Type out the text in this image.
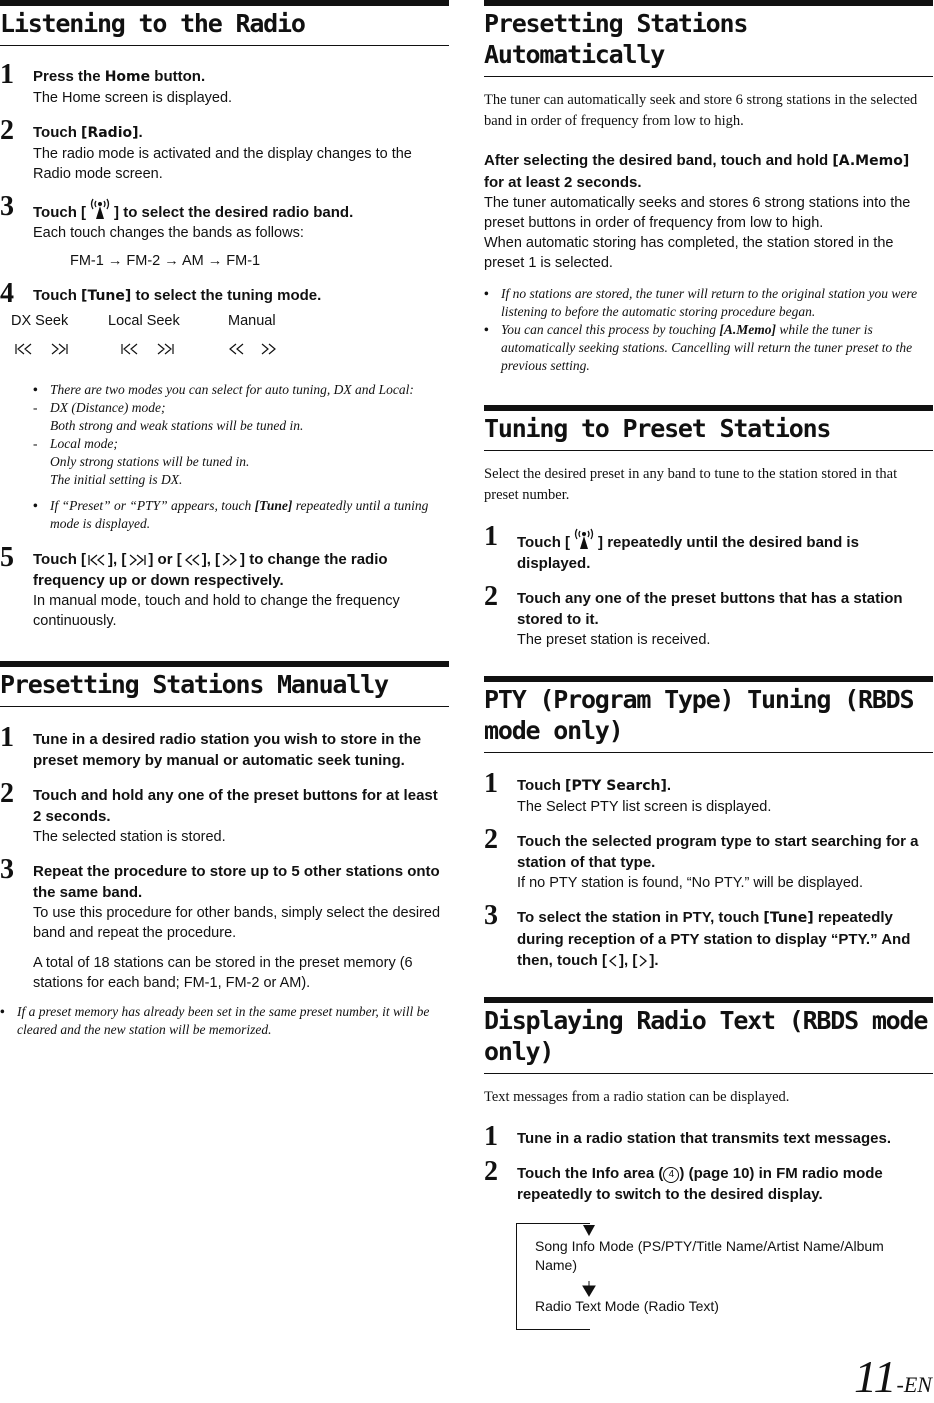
Listening to the Radio
1 Press the Home button.
The Home screen is displayed.
2 Touch [Radio].
The radio mode is activated and the display changes to the Radio mode screen.
3 Touch [ ] to select the desired radio band.
Each touch changes the bands as follows:
FM-1 → FM-2 → AM → FM-1
4 Touch [Tune] to select the tuning mode.
DX Seek	Local Seek	Manual
• There are two modes you can select for auto tuning, DX and Local:
- DX (Distance) mode;
Both strong and weak stations will be tuned in.
- Local mode;
Only strong stations will be tuned in.
The initial setting is DX.
• If “Preset” or “PTY” appears, touch [Tune] repeatedly until a tuning mode is displayed.
5 Touch [ ], [ ] or [ ], [ ] to change the radio frequency up or down respectively.
In manual mode, touch and hold to change the frequency continuously.
Presetting Stations Manually
1 Tune in a desired radio station you wish to store in the preset memory by manual or automatic seek tuning.
2 Touch and hold any one of the preset buttons for at least 2 seconds.
The selected station is stored.
3 Repeat the procedure to store up to 5 other stations onto the same band.
To use this procedure for other bands, simply select the desired band and repeat the procedure.
A total of 18 stations can be stored in the preset memory (6 stations for each band; FM-1, FM-2 or AM).
• If a preset memory has already been set in the same preset number, it will be cleared and the new station will be memorized.
Presetting Stations Automatically
The tuner can automatically seek and store 6 strong stations in the selected band in order of frequency from low to high.
After selecting the desired band, touch and hold [A.Memo] for at least 2 seconds.
The tuner automatically seeks and stores 6 strong stations into the preset buttons in order of frequency from low to high.
When automatic storing has completed, the station stored in the preset 1 is selected.
• If no stations are stored, the tuner will return to the original station you were listening to before the automatic storing procedure began.
• You can cancel this process by touching [A.Memo] while the tuner is automatically seeking stations. Cancelling will return the tuner preset to the previous setting.
Tuning to Preset Stations
Select the desired preset in any band to tune to the station stored in that preset number.
1 Touch [ ] repeatedly until the desired band is displayed.
2 Touch any one of the preset buttons that has a station stored to it.
The preset station is received.
PTY (Program Type) Tuning (RBDS mode only)
1 Touch [PTY Search].
The Select PTY list screen is displayed.
2 Touch the selected program type to start searching for a station of that type.
If no PTY station is found, “No PTY.” will be displayed.
3 To select the station in PTY, touch [Tune] repeatedly during reception of a PTY station to display “PTY.” And then, touch [ ], [ ].
Displaying Radio Text (RBDS mode only)
Text messages from a radio station can be displayed.
1 Tune in a radio station that transmits text messages.
2 Touch the Info area ( 4 ) (page 10) in FM radio mode repeatedly to switch to the desired display.
Song Info Mode (PS/PTY/Title Name/Artist Name/Album Name)
Radio Text Mode (Radio Text)
11-EN
